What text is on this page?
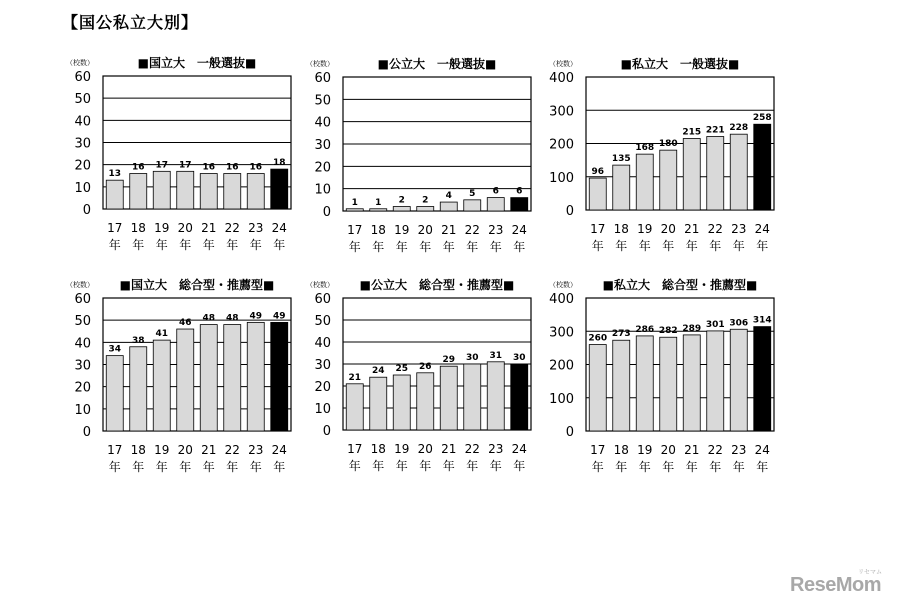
【国公私立大別】
■国立大　一般選抜■
（校数）
0
10
20
30
40
50
60
13
17 年
16
18 年
17
19 年
17
20 年
16
21 年
16
22 年
16
23 年
18
24 年
■公立大　一般選抜■
（校数）
0
10
20
30
40
50
60
1
17 年
1
18 年
2
19 年
2
20 年
4
21 年
5
22 年
6
23 年
6
24 年
■私立大　一般選抜■
（校数）
0
100
200
300
400
96
17 年
135
18 年
168
19 年
180
20 年
215
21 年
221
22 年
228
23 年
258
24 年
■国立大　総合型・推薦型■
（校数）
0
10
20
30
40
50
60
34
17 年
38
18 年
41
19 年
46
20 年
48
21 年
48
22 年
49
23 年
49
24 年
■公立大　総合型・推薦型■
（校数）
0
10
20
30
40
50
60
21
17 年
24
18 年
25
19 年
26
20 年
29
21 年
30
22 年
31
23 年
30
24 年
■私立大　総合型・推薦型■
（校数）
0
100
200
300
400
260
17 年
273
18 年
286
19 年
282
20 年
289
21 年
301
22 年
306
23 年
314
24 年
ReseMom
リセマム
